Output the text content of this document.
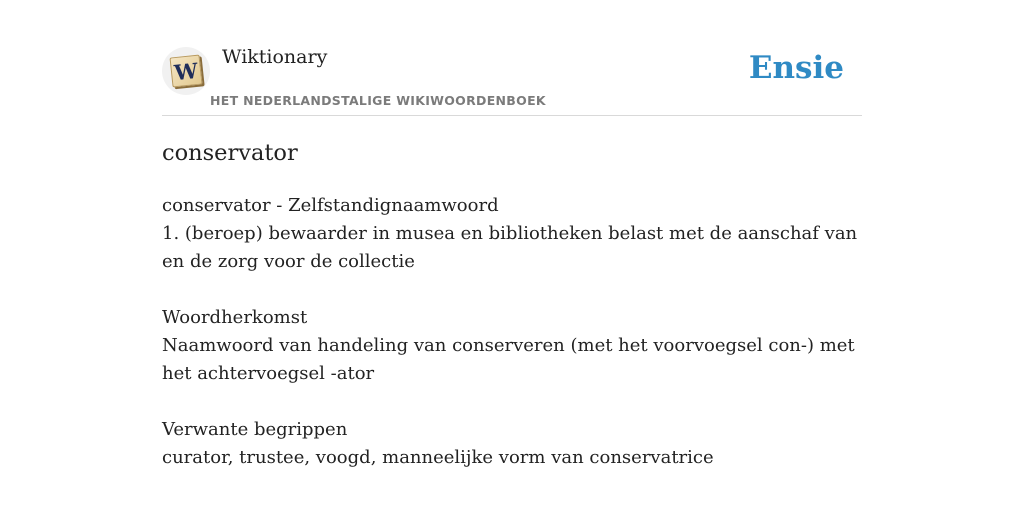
W
Wiktionary
HET NEDERLANDSTALIGE WIKIWOORDENBOEK
Ensie
conservator
conservator - Zelfstandignaamwoord
1. (beroep) bewaarder in musea en bibliotheken belast met de aanschaf van en de zorg voor de collectie
Woordherkomst
Naamwoord van handeling van conserveren (met het voorvoegsel con-) met het achtervoegsel -ator
Verwante begrippen
curator, trustee, voogd, manneelijke vorm van conservatrice
